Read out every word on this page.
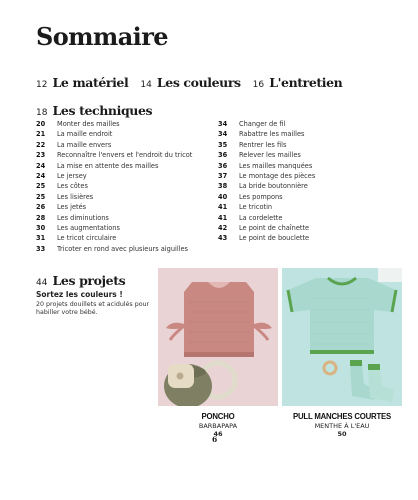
Sommaire
12 Le matériel 14 Les couleurs 16 L'entretien
18 Les techniques
20 Monter des mailles
21 La maille endroit
22 La maille envers
23 Reconnaître l'envers et l'endroit du tricot
24 La mise en attente des mailles
24 Le jersey
25 Les côtes
25 Les lisières
26 Les jetés
28 Les diminutions
30 Les augmentations
31 Le tricot circulaire
33 Tricoter en rond avec plusieurs aiguilles
34 Changer de fil
34 Rabattre les mailles
35 Rentrer les fils
36 Relever les mailles
36 Les mailles manquées
37 Le montage des pièces
38 La bride boutonnière
40 Les pompons
41 Le tricotin
41 La cordelette
42 Le point de chaînette
43 Le point de bouclette
44 Les projets
Sortez les couleurs !
20 projets douillets et acidulés pour habiller votre bébé.
PONCHO
BARBAPAPA
46
PULL MANCHES COURTES
MENTHE À L'EAU
50
6
